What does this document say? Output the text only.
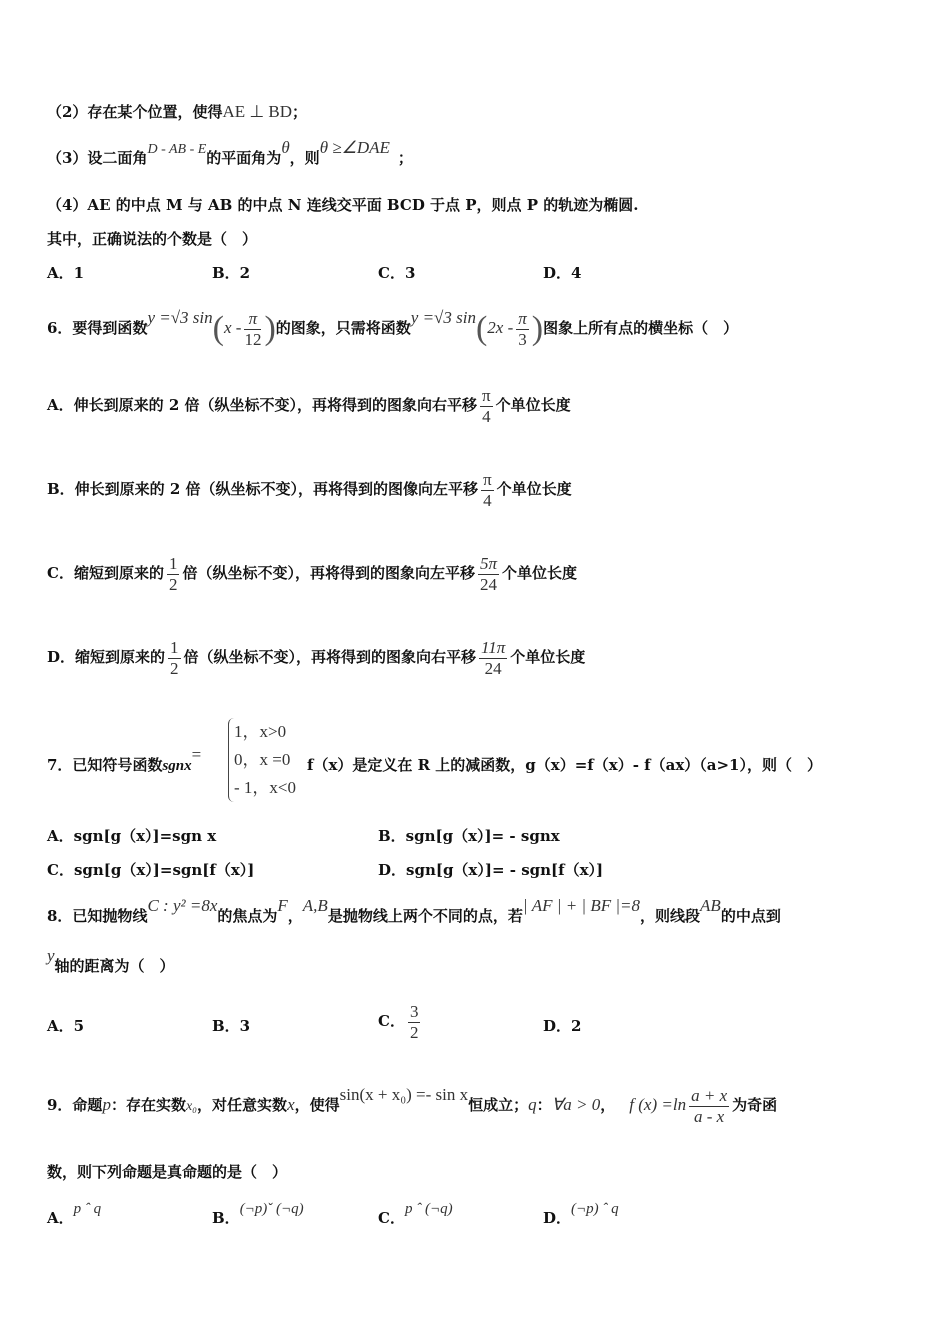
（2）存在某个位置，使得AE ⊥ BD；
（3）设二面角D - AB - E的平面角为θ，则θ ≥∠DAE；
（4）AE 的中点 M 与 AB 的中点 N 连线交平面 BCD 于点 P，则点 P 的轨迹为椭圆.
其中，正确说法的个数是（　）
A．1	B．2	C．3	D．4
6．要得到函数y =√3 $\sin(x - \frac{\pi}{12}$ )的图象，只需将函数y =√3 $\sin(2x - \frac{\pi}{3}$ )图象上所有点的横坐标（　）
A．伸长到原来的 2 倍（纵坐标不变），再将得到的图象向右平移 $\frac{\pi}{4}$ 个单位长度
B．伸长到原来的 2 倍（纵坐标不变），再将得到的图像向左平移 $\frac{\pi}{4}$ 个单位长度
C．缩短到原来的 $\frac{1}{2}$ 倍（纵坐标不变），再将得到的图象向左平移 $\frac{5\pi}{24}$ 个单位长度
D．缩短到原来的 $\frac{1}{2}$ 倍（纵坐标不变），再将得到的图象向右平移 $\frac{11\pi}{24}$ 个单位长度
7．已知符号函数sgnx=
1，x>0
0，x =0
- 1，x<0
f（x）是定义在 R 上的减函数，g（x）=f（x）- f（ax）（a>1），则（　）
A．sgn[g（x）]=sgn x	B．sgn[g（x）]= - sgnx
C．sgn[g（x）]=sgn[f（x）]	D．sgn[g（x）]= - sgn[f（x）]
8．已知抛物线C : y² =8x的焦点为F，A,B是抛物线上两个不同的点，若| AF | + | BF |=8，则线段AB的中点到
y轴的距离为（　）
A．5	B．3	C． $\frac{3}{2}$	D．2
9．命题p：存在实数x₀，对任意实数x，使得sin(x + x₀) =- sin x恒成立；q：∀a > 0， f $(x) =\ln \frac{a + x}{a - x}$ 为奇函
数，则下列命题是真命题的是（　）
A．p ˆ q	B．(¬p)ˇ (¬q)	C．p ˆ (¬q)	D．(¬p) ˆ q
